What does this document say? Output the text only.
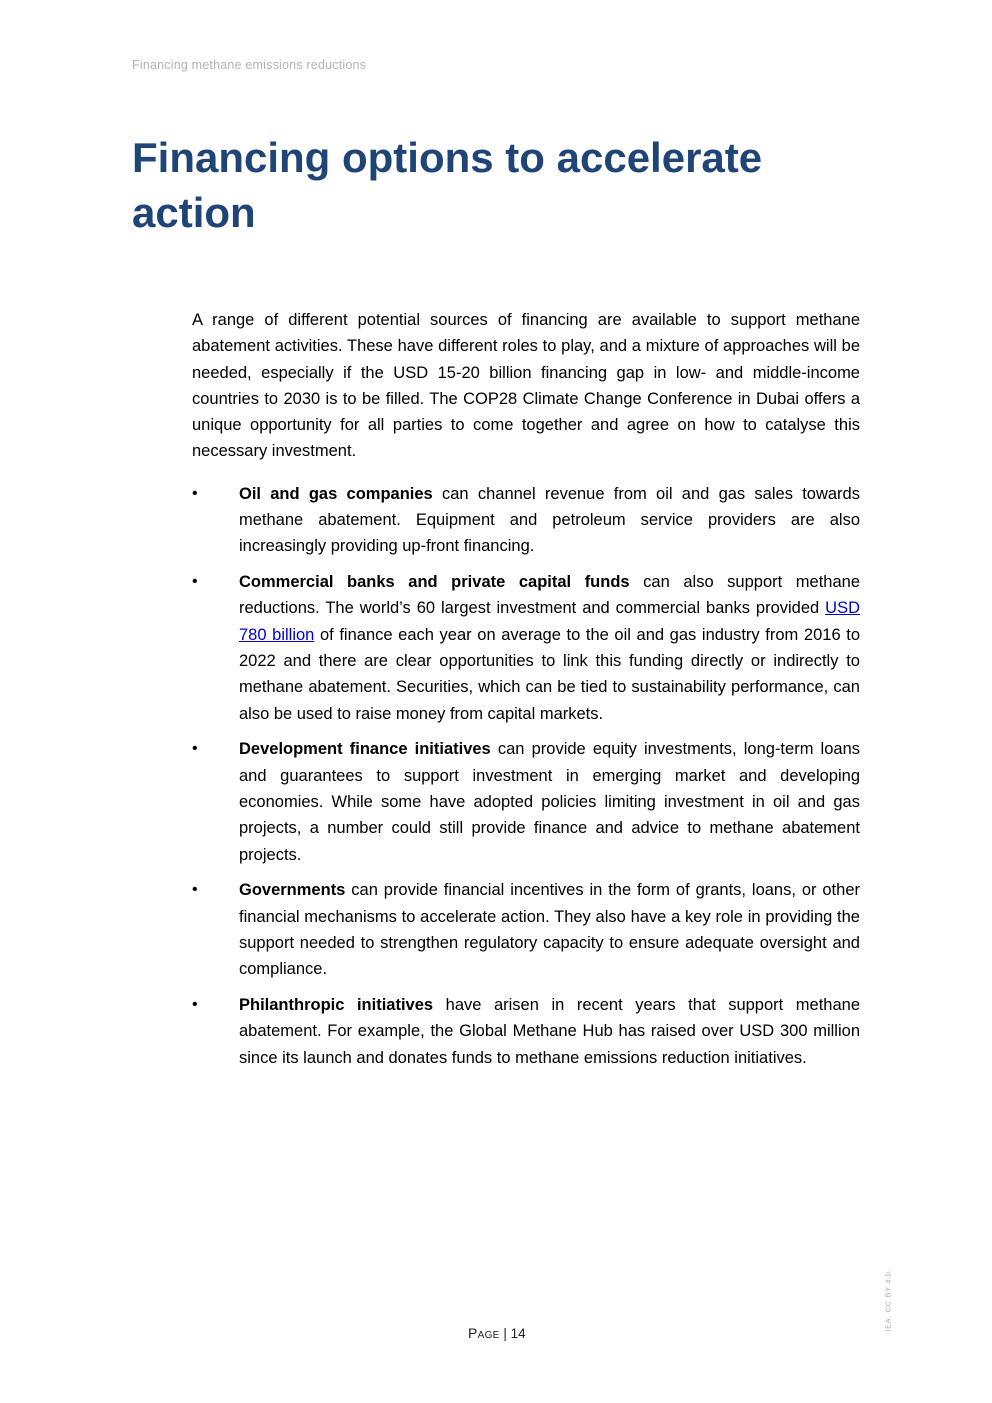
Financing methane emissions reductions
Financing options to accelerate action

A range of different potential sources of financing are available to support methane abatement activities. These have different roles to play, and a mixture of approaches will be needed, especially if the USD 15-20 billion financing gap in low- and middle-income countries to 2030 is to be filled. The COP28 Climate Change Conference in Dubai offers a unique opportunity for all parties to come together and agree on how to catalyse this necessary investment.

•
Oil and gas companies can channel revenue from oil and gas sales towards methane abatement. Equipment and petroleum service providers are also increasingly providing up-front financing.
•
Commercial banks and private capital funds can also support methane reductions. The world’s 60 largest investment and commercial banks provided USD 780 billion of finance each year on average to the oil and gas industry from 2016 to 2022 and there are clear opportunities to link this funding directly or indirectly to methane abatement. Securities, which can be tied to sustainability performance, can also be used to raise money from capital markets.
•
Development finance initiatives can provide equity investments, long-term loans and guarantees to support investment in emerging market and developing economies. While some have adopted policies limiting investment in oil and gas projects, a number could still provide finance and advice to methane abatement projects.
•
Governments can provide financial incentives in the form of grants, loans, or other financial mechanisms to accelerate action. They also have a key role in providing the support needed to strengthen regulatory capacity to ensure adequate oversight and compliance.
•
Philanthropic initiatives have arisen in recent years that support methane abatement. For example, the Global Methane Hub has raised over USD 300 million since its launch and donates funds to methane emissions reduction initiatives.
Page | 14
IEA. CC BY 4.0.
